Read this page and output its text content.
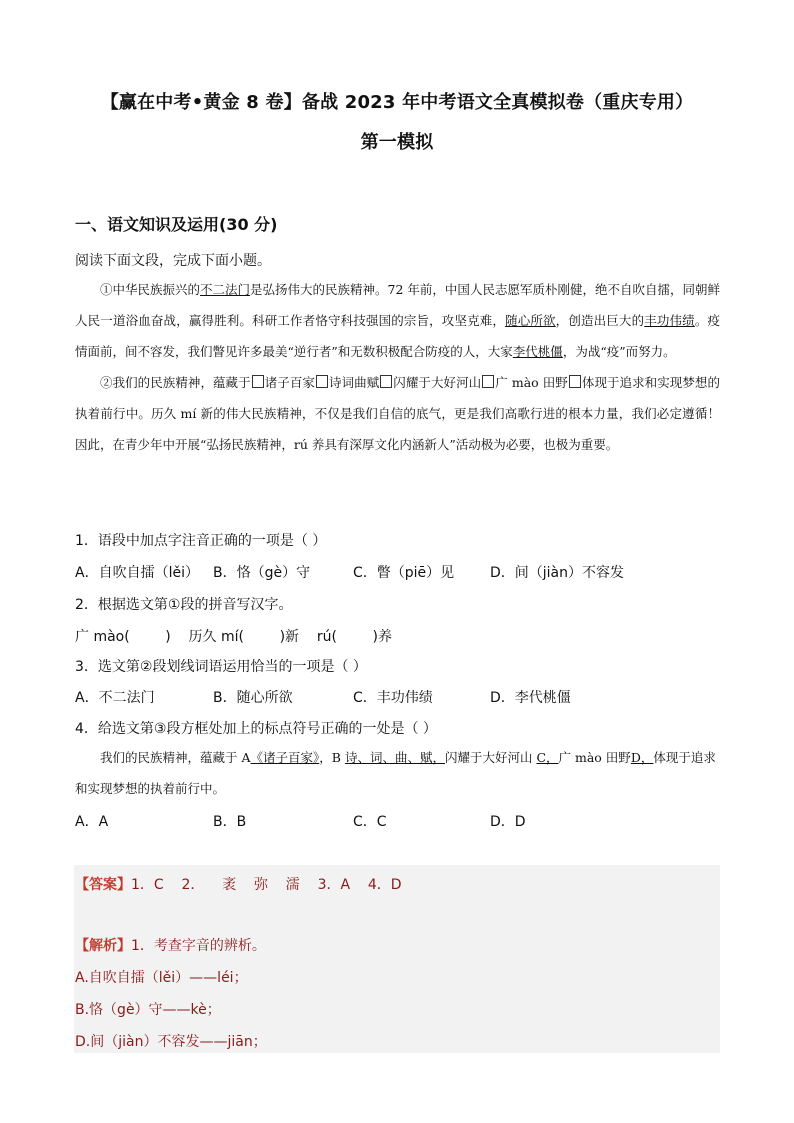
【赢在中考•黄金 8 卷】备战 2023 年中考语文全真模拟卷（重庆专用）
第一模拟
一、语文知识及运用(30 分)
阅读下面文段，完成下面小题。

①中华民族振兴的不二法门是弘扬伟大的民族精神。72 年前，中国人民志愿军质朴刚健，绝不自吹自擂，同朝鲜人民一道浴血奋战，赢得胜利。科研工作者恪守科技强国的宗旨，攻坚克难，随心所欲，创造出巨大的丰功伟绩。疫情面前，间不容发，我们瞥见许多最美“逆行者”和无数积极配合防疫的人，大家李代桃僵，为战“疫”而努力。

②我们的民族精神，蕴藏于 诸子百家 诗词曲赋 闪耀于大好河山 广 mào 田野 体现于追求和实现梦想的执着前行中。历久 mí 新的伟大民族精神，不仅是我们自信的底气，更是我们高歌行进的根本力量，我们必定遵循！因此，在青少年中开展“弘扬民族精神，rú 养具有深厚文化内涵新人”活动极为必要，也极为重要。

1．语段中加点字注音正确的一项是（ ）
A．自吹自擂（lěi） B．恪（gè）守	C．瞥（piē）见	D．间（jiàn）不容发
2．根据选文第①段的拼音写汉字。
广 mào(        )    历久 mí(        )新    rú(        )养
3．选文第②段划线词语运用恰当的一项是（ ）
A．不二法门	B．随心所欲	C．丰功伟绩	D．李代桃僵
4．给选文第③段方框处加上的标点符号正确的一处是（ ）

我们的民族精神，蕴藏于 A《诸子百家》，B 诗、词、曲、赋，闪耀于大好河山 C，广 mào 田野D，体现于追求和实现梦想的执着前行中。

A．A	B．B	C．C	D．D
【答案】1．C    2．    袤    弥    濡    3．A    4．D
【解析】1．考查字音的辨析。
A.自吹自擂（lěi）——léi；
B.恪（gè）守——kè；
D.间（jiàn）不容发——jiān；
